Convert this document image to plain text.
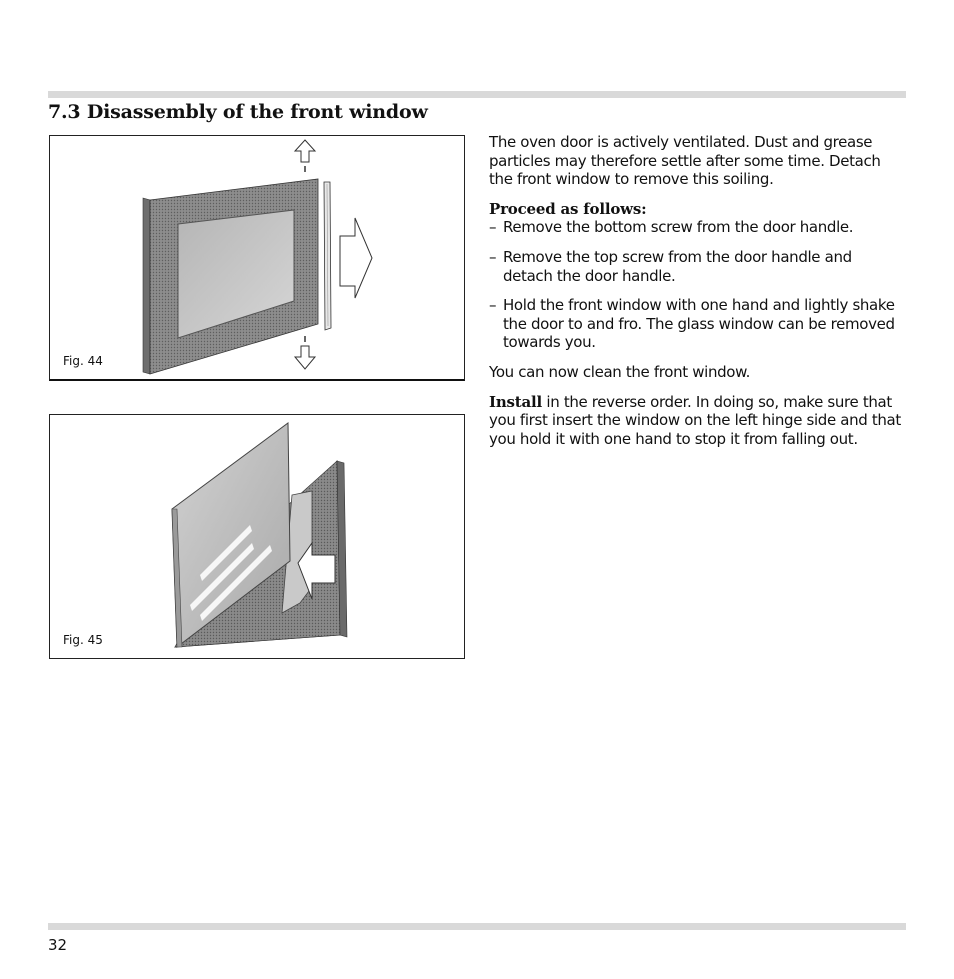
7.3 Disassembly of the front window
Fig. 44
Fig. 45

The oven door is actively ventilated. Dust and grease particles may therefore settle after some time. Detach the front window to remove this soiling.

Proceed as follows:

– Remove the bottom screw from the door handle.
– Remove the top screw from the door handle and detach the door handle.
– Hold the front window with one hand and lightly shake the door to and fro. The glass window can be removed towards you.

You can now clean the front window.

Install in the reverse order. In doing so, make sure that you first insert the window on the left hinge side and that you hold it with one hand to stop it from falling out.

32
